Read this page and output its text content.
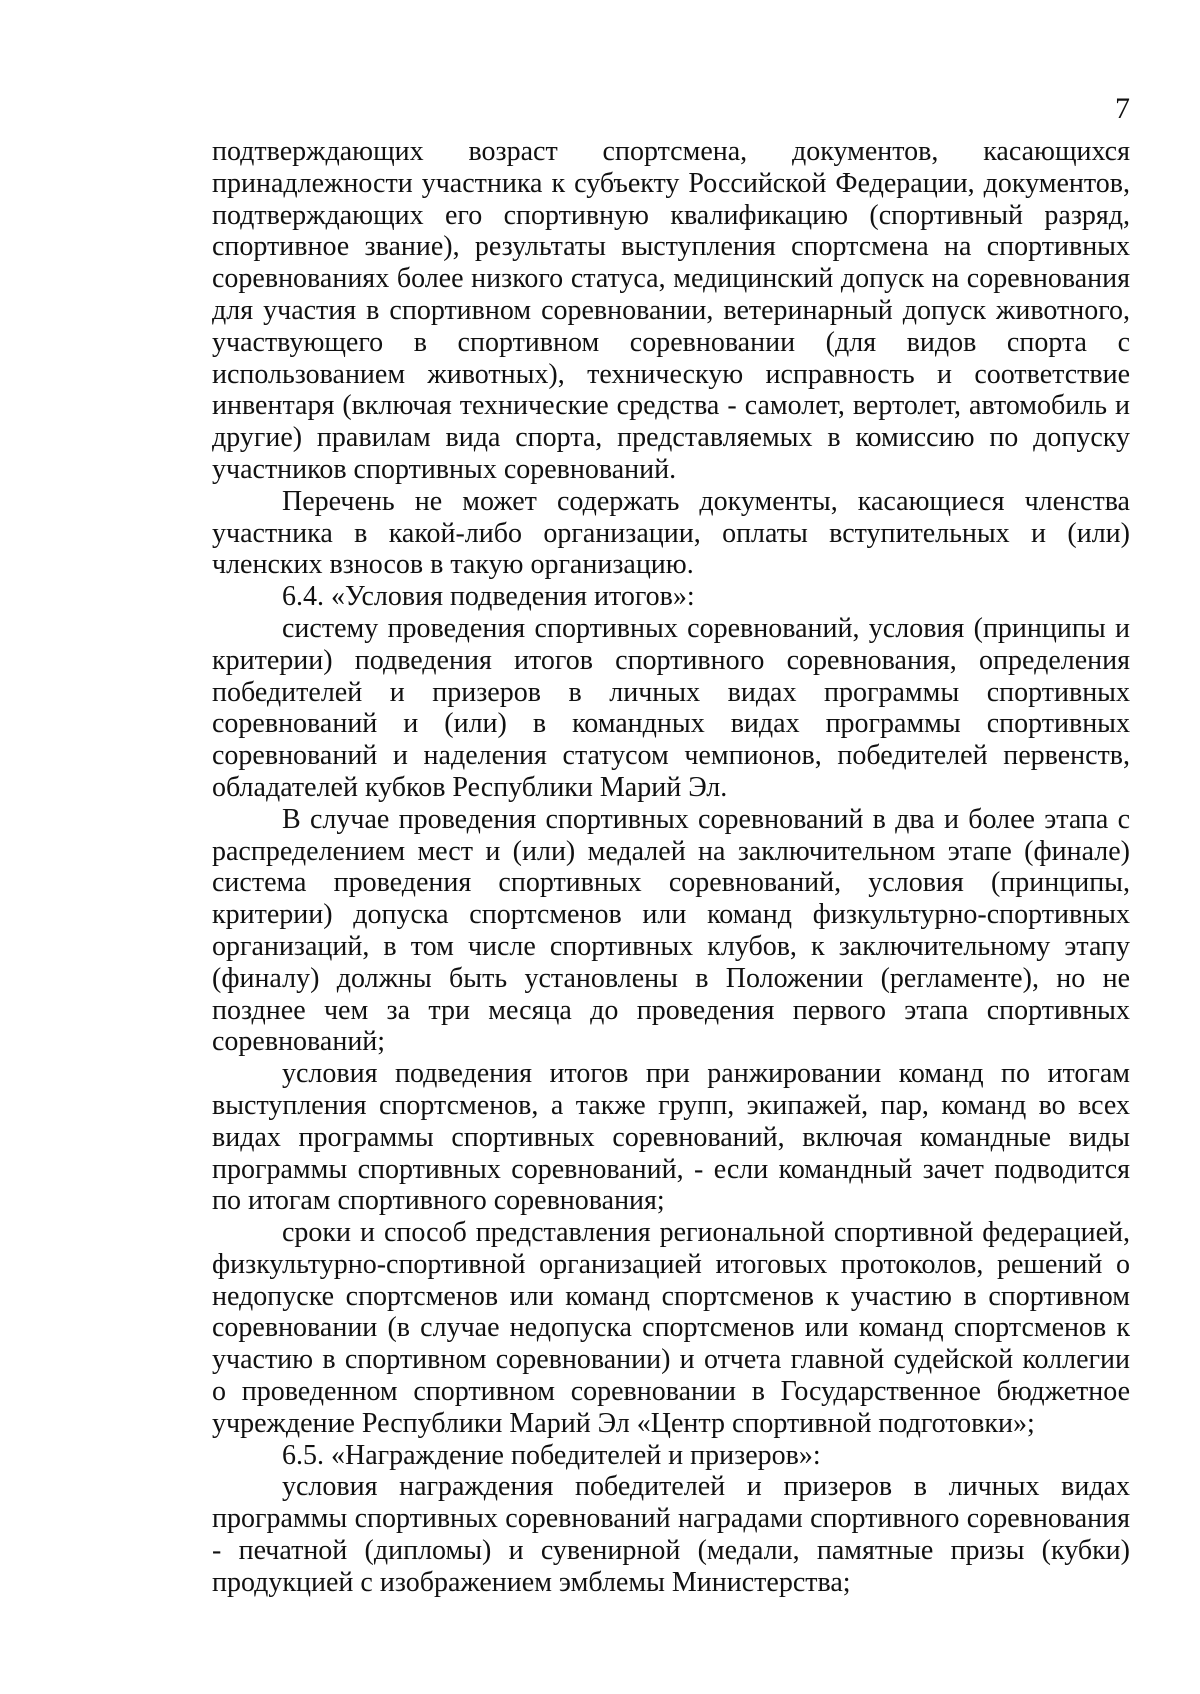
7

подтверждающих возраст спортсмена, документов, касающихся принадлежности участника к субъекту Российской Федерации, документов, подтверждающих его спортивную квалификацию (спортивный разряд, спортивное звание), результаты выступления спортсмена на спортивных соревнованиях более низкого статуса, медицинский допуск на соревнования для участия в спортивном соревновании, ветеринарный допуск животного, участвующего в спортивном соревновании (для видов спорта с использованием животных), техническую исправность и соответствие инвентаря (включая технические средства - самолет, вертолет, автомобиль и другие) правилам вида спорта, представляемых в комиссию по допуску участников спортивных соревнований.

Перечень не может содержать документы, касающиеся членства участника в какой-либо организации, оплаты вступительных и (или) членских взносов в такую организацию.

6.4. «Условия подведения итогов»:

систему проведения спортивных соревнований, условия (принципы и критерии) подведения итогов спортивного соревнования, определения победителей и призеров в личных видах программы спортивных соревнований и (или) в командных видах программы спортивных соревнований и наделения статусом чемпионов, победителей первенств, обладателей кубков Республики Марий Эл.

В случае проведения спортивных соревнований в два и более этапа с распределением мест и (или) медалей на заключительном этапе (финале) система проведения спортивных соревнований, условия (принципы, критерии) допуска спортсменов или команд физкультурно-спортивных организаций, в том числе спортивных клубов, к заключительному этапу (финалу) должны быть установлены в Положении (регламенте), но не позднее чем за три месяца до проведения первого этапа спортивных соревнований;

условия подведения итогов при ранжировании команд по итогам выступления спортсменов, а также групп, экипажей, пар, команд во всех видах программы спортивных соревнований, включая командные виды программы спортивных соревнований, - если командный зачет подводится по итогам спортивного соревнования;

сроки и способ представления региональной спортивной федерацией, физкультурно-спортивной организацией итоговых протоколов, решений о недопуске спортсменов или команд спортсменов к участию в спортивном соревновании (в случае недопуска спортсменов или команд спортсменов к участию в спортивном соревновании) и отчета главной судейской коллегии о проведенном спортивном соревновании в Государственное бюджетное учреждение Республики Марий Эл «Центр спортивной подготовки»;

6.5. «Награждение победителей и призеров»:

условия награждения победителей и призеров в личных видах программы спортивных соревнований наградами спортивного соревнования - печатной (дипломы) и сувенирной (медали, памятные призы (кубки) продукцией с изображением эмблемы Министерства;
